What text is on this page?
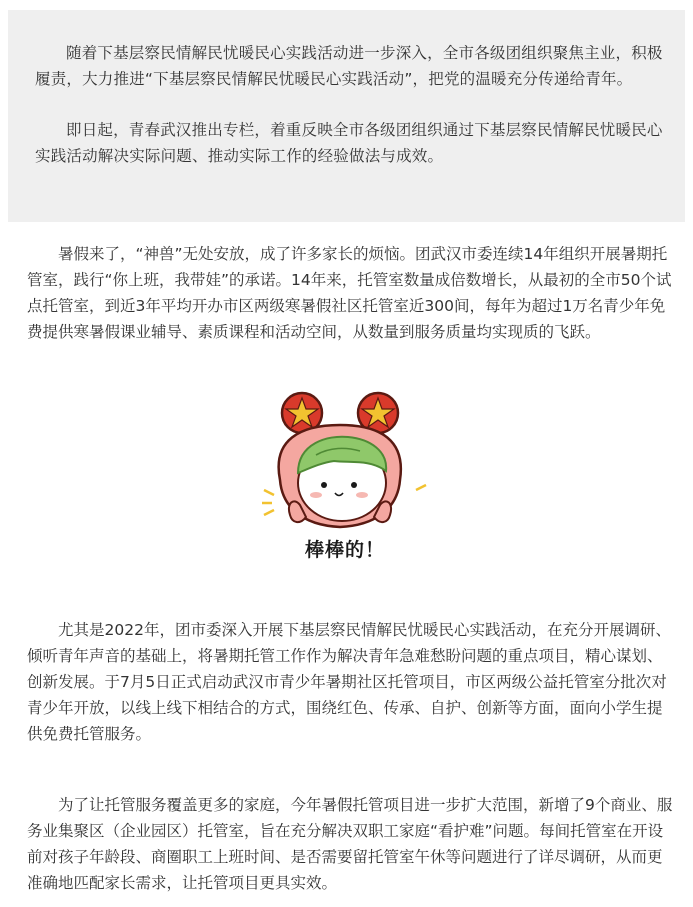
随着下基层察民情解民忧暖民心实践活动进一步深入，全市各级团组织聚焦主业，积极履责，大力推进“下基层察民情解民忧暖民心实践活动”，把党的温暖充分传递给青年。

即日起，青春武汉推出专栏，着重反映全市各级团组织通过下基层察民情解民忧暖民心实践活动解决实际问题、推动实际工作的经验做法与成效。

暑假来了，“神兽”无处安放，成了许多家长的烦恼。团武汉市委连续14年组织开展暑期托管室，践行“你上班，我带娃”的承诺。14年来，托管室数量成倍数增长，从最初的全市50个试点托管室，到近3年平均开办市区两级寒暑假社区托管室近300间，每年为超过1万名青少年免费提供寒暑假课业辅导、素质课程和活动空间，从数量到服务质量均实现质的飞跃。

棒棒的！

尤其是2022年，团市委深入开展下基层察民情解民忧暖民心实践活动，在充分开展调研、倾听青年声音的基础上，将暑期托管工作作为解决青年急难愁盼问题的重点项目，精心谋划、创新发展。于7月5日正式启动武汉市青少年暑期社区托管项目，市区两级公益托管室分批次对青少年开放，以线上线下相结合的方式，围绕红色、传承、自护、创新等方面，面向小学生提供免费托管服务。

为了让托管服务覆盖更多的家庭，今年暑假托管项目进一步扩大范围，新增了9个商业、服务业集聚区（企业园区）托管室，旨在充分解决双职工家庭“看护难”问题。每间托管室在开设前对孩子年龄段、商圈职工上班时间、是否需要留托管室午休等问题进行了详尽调研，从而更准确地匹配家长需求，让托管项目更具实效。
